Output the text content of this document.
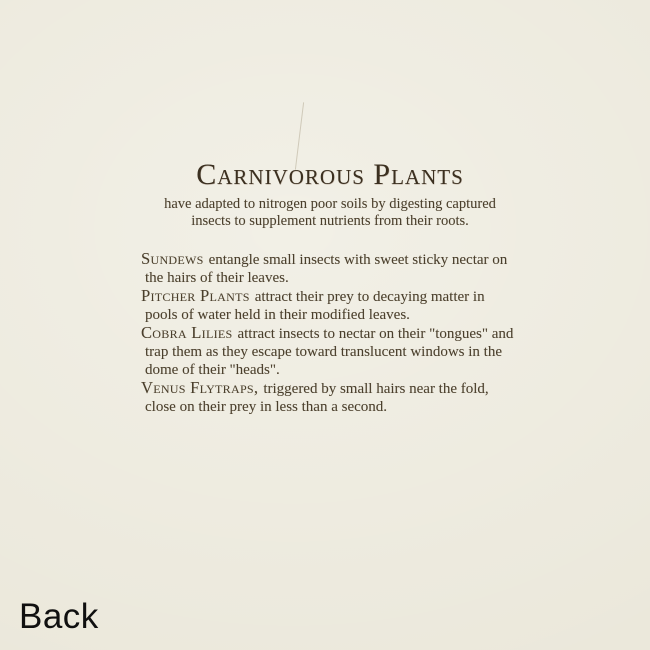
Carnivorous Plants
have adapted to nitrogen poor soils by digesting captured
insects to supplement nutrients from their roots.
Sundews entangle small insects with sweet sticky nectar on
the hairs of their leaves.
Pitcher Plants attract their prey to decaying matter in
pools of water held in their modified leaves.
Cobra Lilies attract insects to nectar on their "tongues" and
trap them as they escape toward translucent windows in the
dome of their "heads".
Venus Flytraps, triggered by small hairs near the fold,
close on their prey in less than a second.
Back
